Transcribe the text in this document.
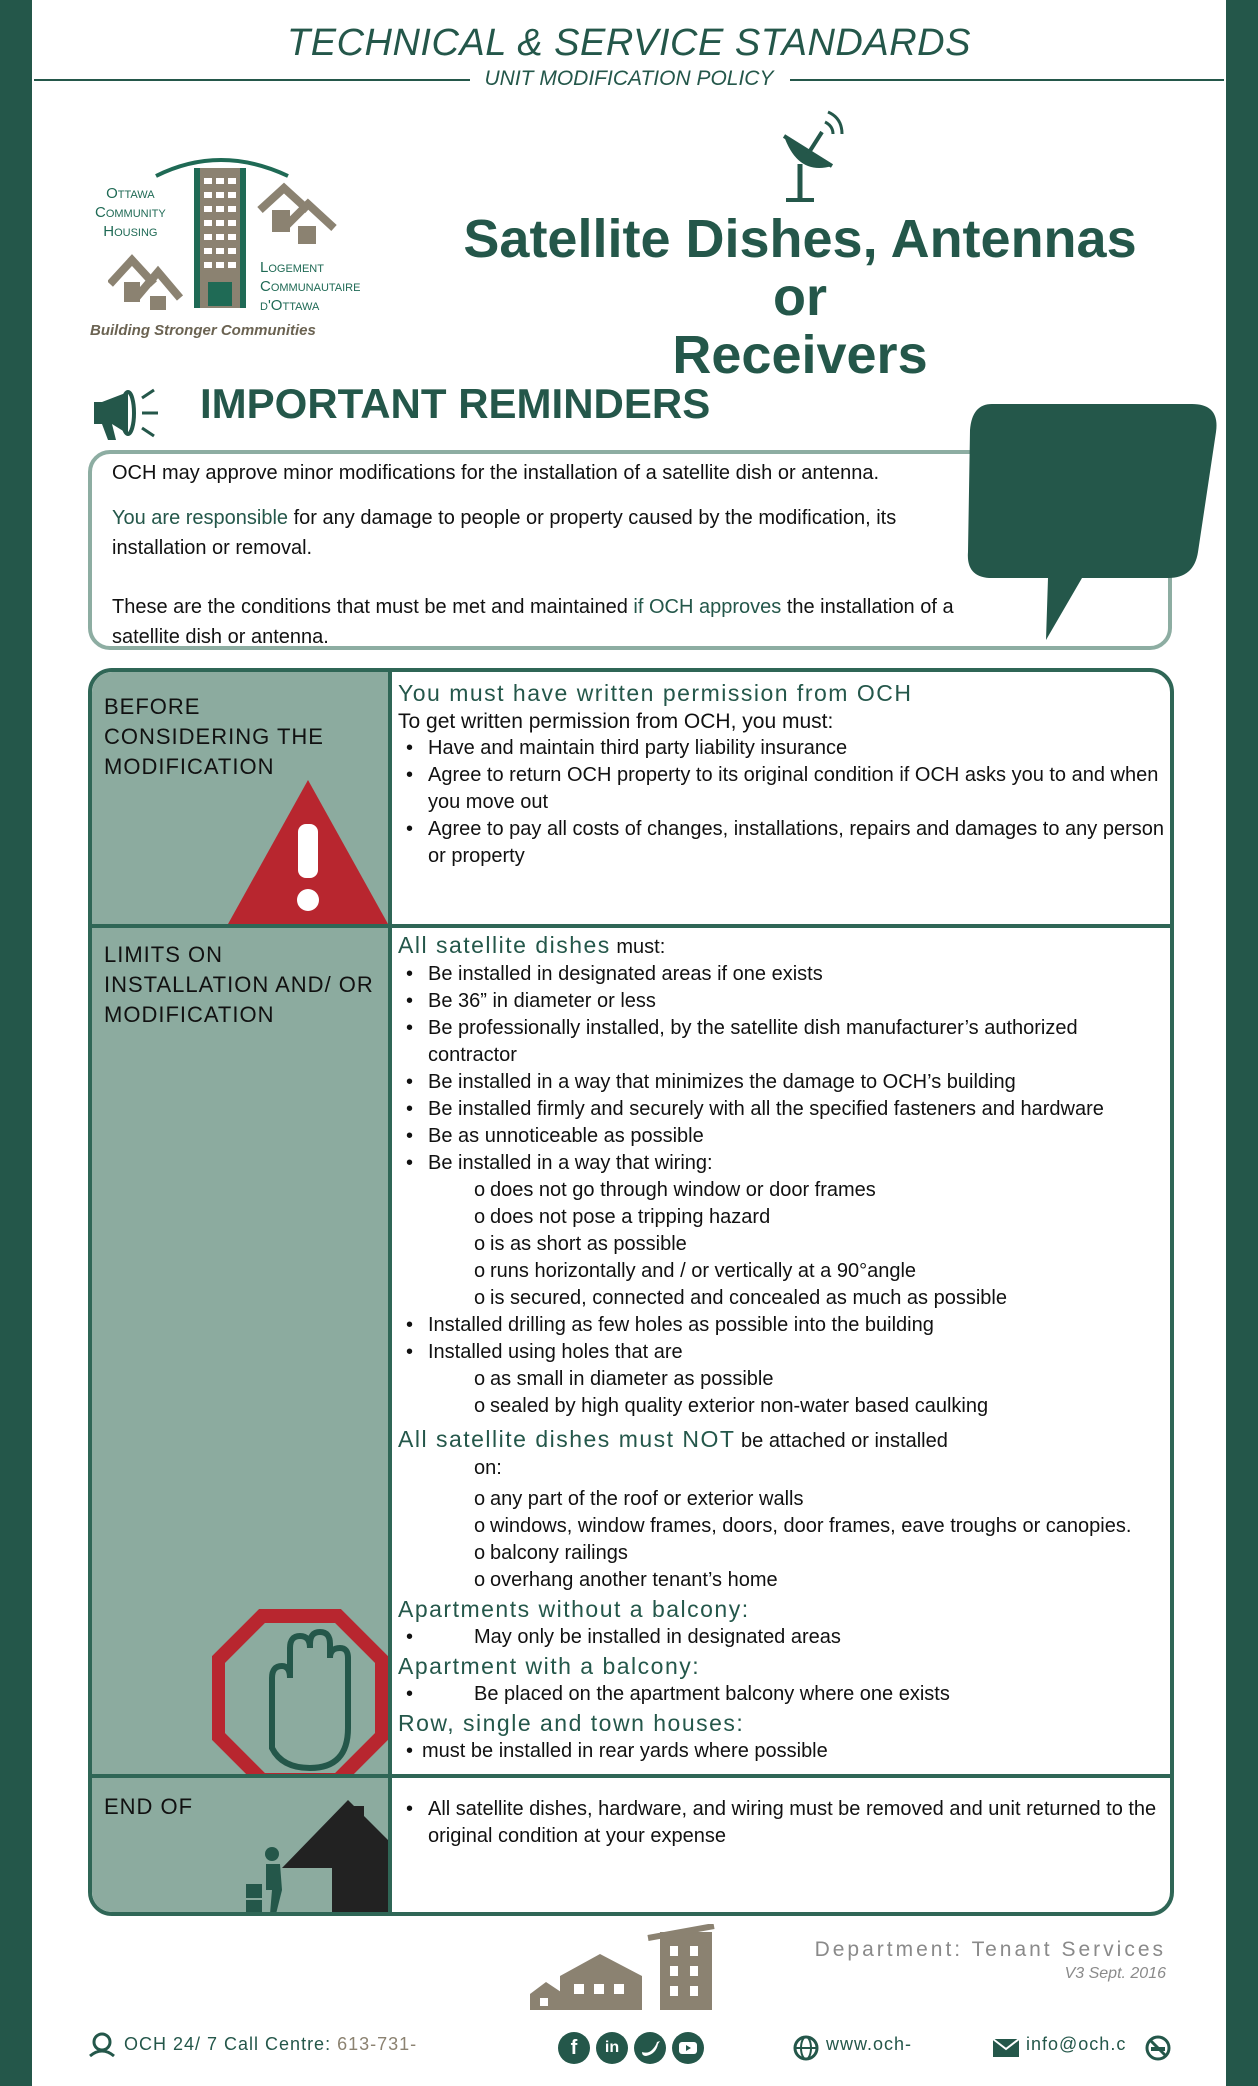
TECHNICAL & SERVICE STANDARDS
UNIT MODIFICATION POLICY
Ottawa
Community
Housing
Logement
Communautaire
d'Ottawa
Building Stronger Communities
Satellite Dishes, Antennas or
Receivers
IMPORTANT REMINDERS
OCH may approve minor modifications for the installation of a satellite dish or antenna.
You are responsible for any damage to people or property caused by the modification, its installation or removal.
These are the conditions that must be met and maintained if OCH approves the installation of a satellite dish or antenna.
BEFORE
CONSIDERING THE
MODIFICATION
You must have written permission from OCH
To get written permission from OCH, you must:
• Have and maintain third party liability insurance
• Agree to return OCH property to its original condition if OCH asks you to and when you move out
• Agree to pay all costs of changes, installations, repairs and damages to any person or property
LIMITS ON
INSTALLATION AND/ OR
MODIFICATION
All satellite dishes must:
• Be installed in designated areas if one exists
• Be 36” in diameter or less
• Be professionally installed, by the satellite dish manufacturer’s authorized contractor
• Be installed in a way that minimizes the damage to OCH’s building
• Be installed firmly and securely with all the specified fasteners and hardware
• Be as unnoticeable as possible
• Be installed in a way that wiring:
o does not go through window or door frames
o does not pose a tripping hazard
o is as short as possible
o runs horizontally and / or vertically at a 90°angle
o is secured, connected and concealed as much as possible
• Installed drilling as few holes as possible into the building
• Installed using holes that are
o as small in diameter as possible
o sealed by high quality exterior non-water based caulking
All satellite dishes must NOT be attached or installed
on:
o any part of the roof or exterior walls
o windows, window frames, doors, door frames, eave troughs or canopies.
o balcony railings
o overhang another tenant’s home
Apartments without a balcony:
• May only be installed in designated areas
Apartment with a balcony:
• Be placed on the apartment balcony where one exists
Row, single and town houses:
• must be installed in rear yards where possible
END OF
•	All satellite dishes, hardware, and wiring must be removed and unit returned to the original condition at your expense
Department: Tenant Services
V3 Sept. 2016
OCH 24/ 7 Call Centre: 613-731-	f	in	www.och-	info@och.c
